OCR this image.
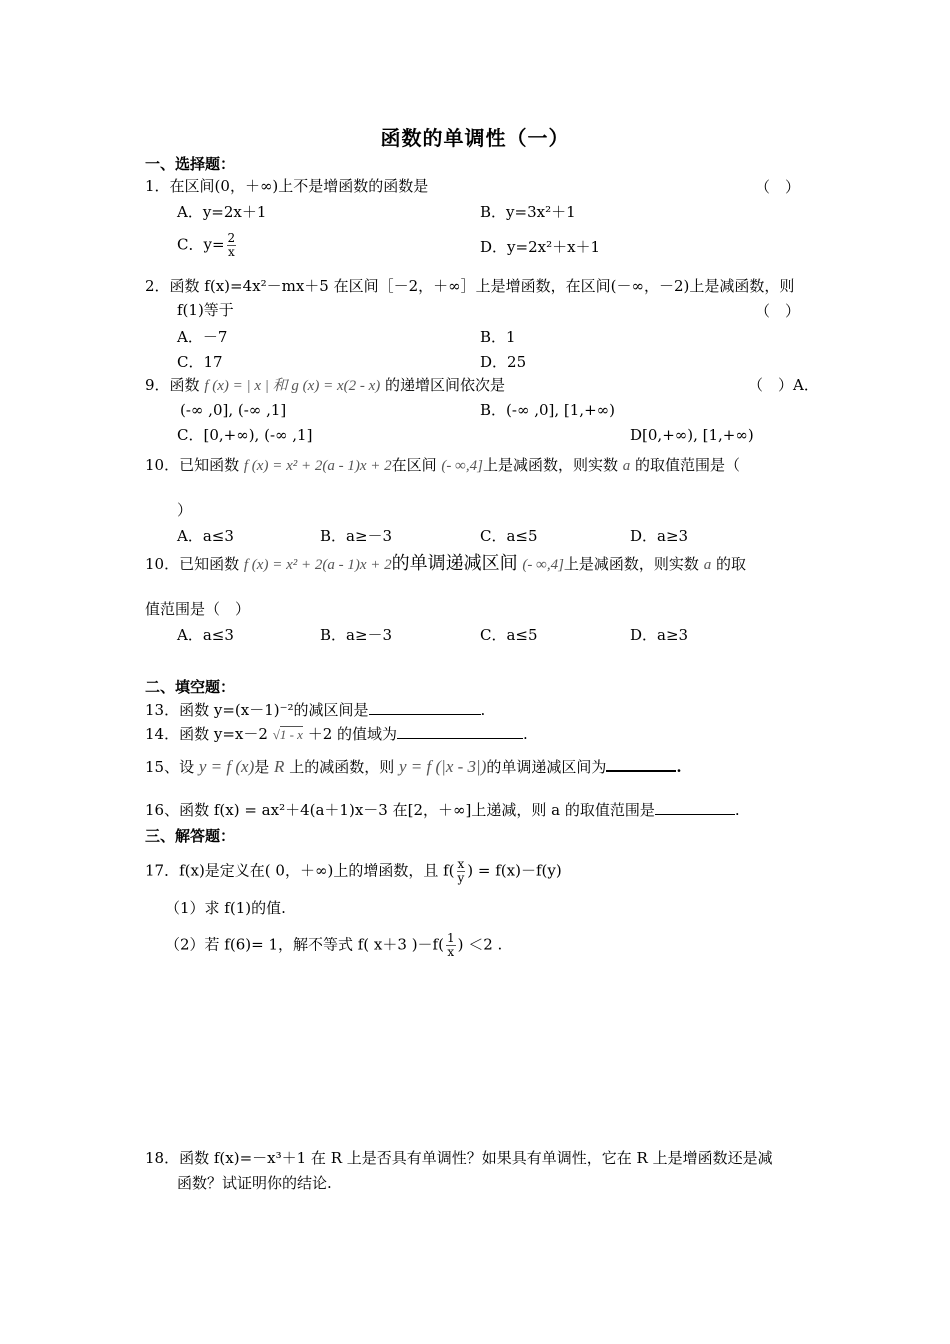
函数的单调性（一）
一、选择题：
1．在区间(0，＋∞)上不是增函数的函数是	（　）
A．y=2x＋1	B．y=3x²＋1
C．$y= \frac{2}{x}$	D．y=2x²＋x＋1
2．函数 f(x)=4x²－mx＋5 在区间［－2，＋∞］上是增函数，在区间(－∞，－2)上是减函数，则
f(1)等于	（　）
A．－7	B．1
C．17	D．25
9．函数 f (x) = | x | 和 g (x) = x(2 - x) 的递增区间依次是	（　）A．
(-∞ ,0], (-∞ ,1]	B．(-∞ ,0], [1,+∞)
C．[0,+∞), (-∞ ,1]	D[0,+∞), [1,+∞)
10．已知函数 f (x) = x² + 2(a - 1)x + 2在区间 (- ∞,4]上是减函数，则实数 a 的取值范围是（
）
A．a≤3	B．a≥－3	C．a≤5	D．a≥3
10．已知函数 f (x) = x² + 2(a - 1)x + 2的单调递减区间 (- ∞,4]上是减函数，则实数 a 的取
值范围是（　）
A．a≤3	B．a≥－3	C．a≤5	D．a≥3
二、填空题：
13．函数 y=(x－1)⁻²的减区间是	.
14．函数 y=x－2 √1 - x ＋2 的值域为	.
15、设 y = f (x)是 R 上的减函数，则 y = f (|x - 3|)的单调递减区间为	.
16、函数 f(x) = ax²＋4(a＋1)x－3 在[2，＋∞]上递减，则 a 的取值范围是	.
三、解答题：
17．f(x)是定义在( 0，＋∞)上的增函数，且 $f( \frac{x}{y}$ ) = f(x)－f(y)
（1）求 f(1)的值.
（2）若 f(6)= 1，解不等式 f( x＋3 )$-f( \frac{1}{x}$ ) ＜2 .
18．函数 f(x)=－x³＋1 在 R 上是否具有单调性？如果具有单调性，它在 R 上是增函数还是减
函数？试证明你的结论.
